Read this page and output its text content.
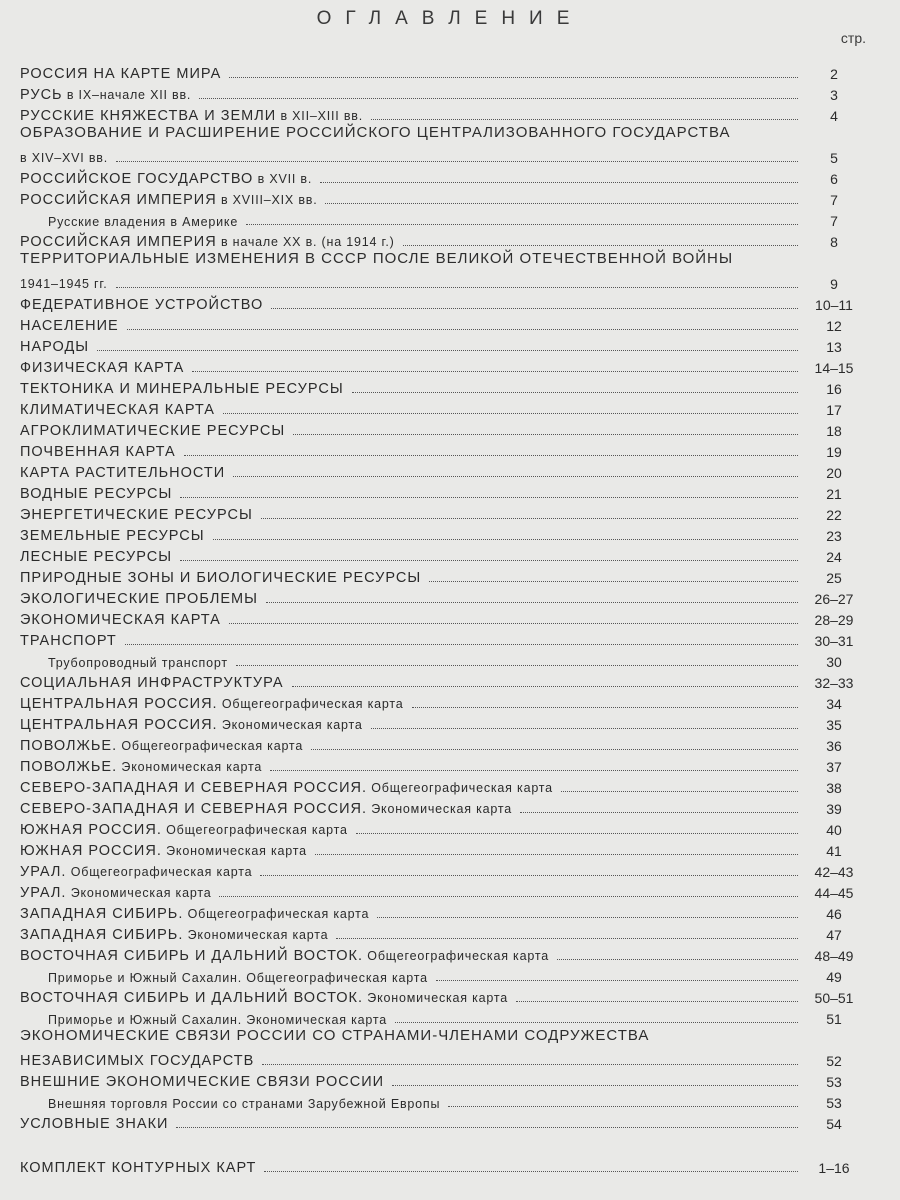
ОГЛАВЛЕНИЕ
стр.
РОССИЯ НА КАРТЕ МИРА	2
РУСЬ в IX–начале XII вв.	3
РУССКИЕ КНЯЖЕСТВА И ЗЕМЛИ в XII–XIII вв.	4
ОБРАЗОВАНИЕ И РАСШИРЕНИЕ РОССИЙСКОГО ЦЕНТРАЛИЗОВАННОГО ГОСУДАРСТВА
в XIV–XVI вв.	5
РОССИЙСКОЕ ГОСУДАРСТВО в XVII в.	6
РОССИЙСКАЯ ИМПЕРИЯ в XVIII–XIX вв.	7
Русские владения в Америке	7
РОССИЙСКАЯ ИМПЕРИЯ в начале XX в. (на 1914 г.)	8
ТЕРРИТОРИАЛЬНЫЕ ИЗМЕНЕНИЯ В СССР ПОСЛЕ ВЕЛИКОЙ ОТЕЧЕСТВЕННОЙ ВОЙНЫ
1941–1945 гг.	9
ФЕДЕРАТИВНОЕ УСТРОЙСТВО	10–11
НАСЕЛЕНИЕ	12
НАРОДЫ	13
ФИЗИЧЕСКАЯ КАРТА	14–15
ТЕКТОНИКА И МИНЕРАЛЬНЫЕ РЕСУРСЫ	16
КЛИМАТИЧЕСКАЯ КАРТА	17
АГРОКЛИМАТИЧЕСКИЕ РЕСУРСЫ	18
ПОЧВЕННАЯ КАРТА	19
КАРТА РАСТИТЕЛЬНОСТИ	20
ВОДНЫЕ РЕСУРСЫ	21
ЭНЕРГЕТИЧЕСКИЕ РЕСУРСЫ	22
ЗЕМЕЛЬНЫЕ РЕСУРСЫ	23
ЛЕСНЫЕ РЕСУРСЫ	24
ПРИРОДНЫЕ ЗОНЫ И БИОЛОГИЧЕСКИЕ РЕСУРСЫ	25
ЭКОЛОГИЧЕСКИЕ ПРОБЛЕМЫ	26–27
ЭКОНОМИЧЕСКАЯ КАРТА	28–29
ТРАНСПОРТ	30–31
Трубопроводный транспорт	30
СОЦИАЛЬНАЯ ИНФРАСТРУКТУРА	32–33
ЦЕНТРАЛЬНАЯ РОССИЯ. Общегеографическая карта	34
ЦЕНТРАЛЬНАЯ РОССИЯ. Экономическая карта	35
ПОВОЛЖЬЕ. Общегеографическая карта	36
ПОВОЛЖЬЕ. Экономическая карта	37
СЕВЕРО-ЗАПАДНАЯ И СЕВЕРНАЯ РОССИЯ. Общегеографическая карта	38
СЕВЕРО-ЗАПАДНАЯ И СЕВЕРНАЯ РОССИЯ. Экономическая карта	39
ЮЖНАЯ РОССИЯ. Общегеографическая карта	40
ЮЖНАЯ РОССИЯ. Экономическая карта	41
УРАЛ. Общегеографическая карта	42–43
УРАЛ. Экономическая карта	44–45
ЗАПАДНАЯ СИБИРЬ. Общегеографическая карта	46
ЗАПАДНАЯ СИБИРЬ. Экономическая карта	47
ВОСТОЧНАЯ СИБИРЬ И ДАЛЬНИЙ ВОСТОК. Общегеографическая карта	48–49
Приморье и Южный Сахалин. Общегеографическая карта	49
ВОСТОЧНАЯ СИБИРЬ И ДАЛЬНИЙ ВОСТОК. Экономическая карта	50–51
Приморье и Южный Сахалин. Экономическая карта	51
ЭКОНОМИЧЕСКИЕ СВЯЗИ РОССИИ СО СТРАНАМИ-ЧЛЕНАМИ СОДРУЖЕСТВА
НЕЗАВИСИМЫХ ГОСУДАРСТВ	52
ВНЕШНИЕ ЭКОНОМИЧЕСКИЕ СВЯЗИ РОССИИ	53
Внешняя торговля России со странами Зарубежной Европы	53
УСЛОВНЫЕ ЗНАКИ	54
КОМПЛЕКТ КОНТУРНЫХ КАРТ	1–16
